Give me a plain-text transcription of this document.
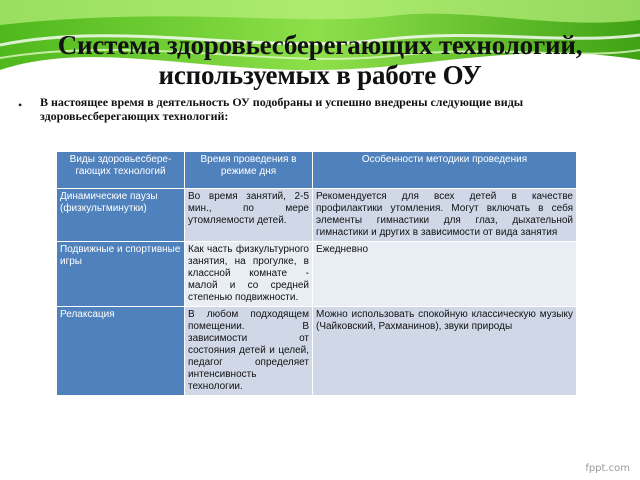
Система здоровьесберегающих технологий, используемых в работе ОУ
•	В настоящее время в деятельность ОУ подобраны и успешно внедрены следующие виды здоровьесберегающих технологий:
Виды здоровьесбере-гающих технологий	Время проведения в режиме дня	Особенности методики проведения
Динамические паузы (физкультминутки)	Во время занятий, 2-5 мин., по мере утомляемости детей.	Рекомендуется для всех детей в качестве профилактики утомления. Могут включать в себя элементы гимнастики для глаз, дыхательной гимнастики и других в зависимости от вида занятия
Подвижные и спортивные игры	Как часть физкультурного занятия, на прогулке, в классной комнате - малой и со средней степенью подвижности.	Ежедневно
Релаксация	В любом подходящем помещении. В зависимости от состояния детей и целей, педагог определяет интенсивность технологии.	Можно использовать спокойную классическую музыку (Чайковский, Рахманинов), звуки природы
fppt.com
